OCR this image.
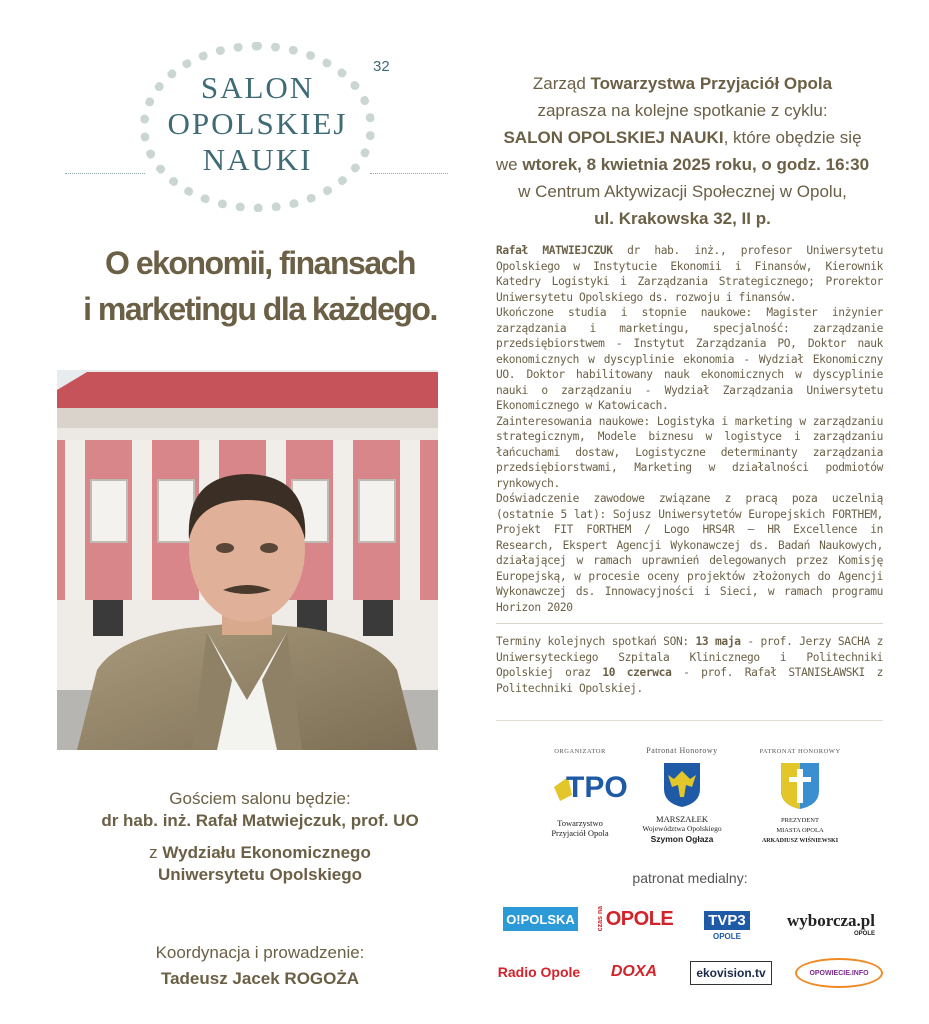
SALON
OPOLSKIEJ
NAUKI
32
O ekonomii, finansach
i marketingu dla każdego.
Gościem salonu będzie:
dr hab. inż. Rafał Matwiejczuk, prof. UO
z Wydziału Ekonomicznego
Uniwersytetu Opolskiego
Koordynacja i prowadzenie:
Tadeusz Jacek ROGOŻA
Zarząd Towarzystwa Przyjaciół Opola
zaprasza na kolejne spotkanie z cyklu:
SALON OPOLSKIEJ NAUKI, które obędzie się
we wtorek, 8 kwietnia 2025 roku, o godz. 16:30
w Centrum Aktywizacji Społecznej w Opolu,
ul. Krakowska 32, II p.

Rafał MATWIEJCZUK dr hab. inż., profesor Uniwersytetu Opolskiego w Instytucie Ekonomii i Finansów, Kierownik Katedry Logistyki i Zarządzania Strategicznego; Prorektor Uniwersytetu Opolskiego ds. rozwoju i finansów.

Ukończone studia i stopnie naukowe: Magister inżynier zarządzania i marketingu, specjalność: zarządzanie przedsiębiorstwem - Instytut Zarządzania PO, Doktor nauk ekonomicznych w dyscyplinie ekonomia - Wydział Ekonomiczny UO. Doktor habilitowany nauk ekonomicznych w dyscyplinie nauki o zarządzaniu - Wydział Zarządzania Uniwersytetu Ekonomicznego w Katowicach.

Zainteresowania naukowe: Logistyka i marketing w zarządzaniu strategicznym, Modele biznesu w logistyce i zarządzaniu łańcuchami dostaw, Logistyczne determinanty zarządzania przedsiębiorstwami, Marketing w działalności podmiotów rynkowych.

Doświadczenie zawodowe związane z pracą poza uczelnią (ostatnie 5 lat): Sojusz Uniwersytetów Europejskich FORTHEM, Projekt FIT FORTHEM / Logo HRS4R – HR Excellence in Research, Ekspert Agencji Wykonawczej ds. Badań Naukowych, działającej w ramach uprawnień delegowanych przez Komisję Europejską, w procesie oceny projektów złożonych do Agencji Wykonawczej ds. Innowacyjności i Sieci, w ramach programu Horizon 2020

Terminy kolejnych spotkań SON: 13 maja - prof. Jerzy SACHA z Uniwersyteckiego Szpitala Klinicznego i Politechniki Opolskiej oraz 10 czerwca - prof. Rafał STANISŁAWSKI z Politechniki Opolskiej.

ORGANIZATOR
TPO
Towarzystwo
Przyjaciół Opola
Patronat Honorowy
MARSZAŁEK
Województwa Opolskiego
Szymon Ogłaza
PATRONAT HONOROWY
PREZYDENT
MIASTA OPOLA
ARKADIUSZ WIŚNIEWSKI
patronat medialny:
O!POLSKA	czas na OPOLE TVP3
OPOLE
wyborcza.pl
OPOLE
Radio Opole	DOXA	ekovision.tv	OPOWIECIE.INFO
